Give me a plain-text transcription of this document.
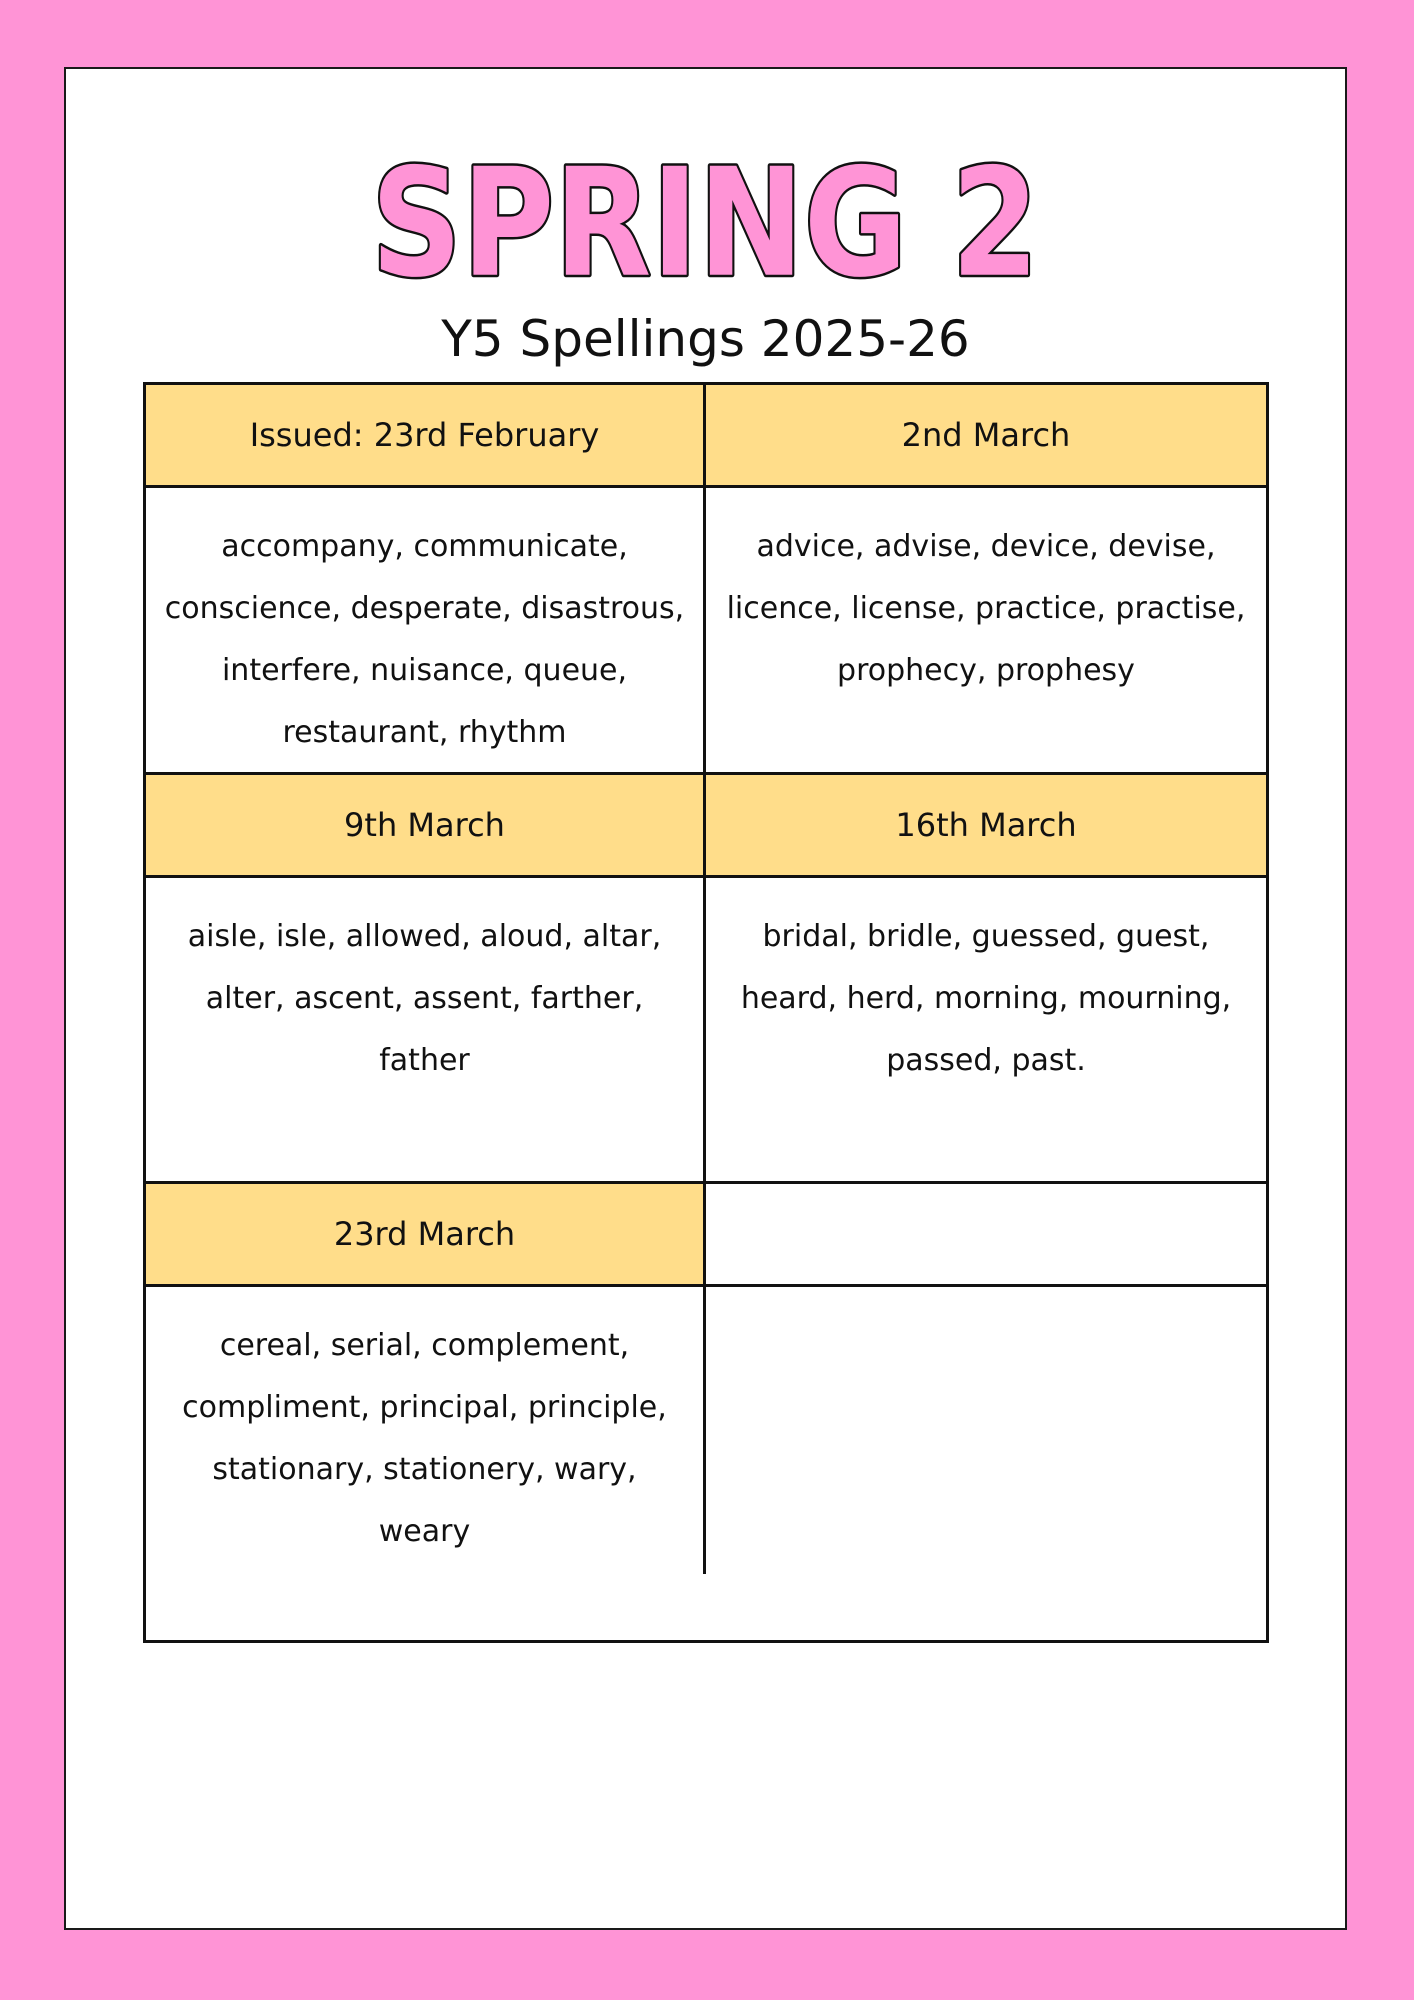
SPRING 2
Y5 Spellings 2025-26
Issued: 23rd February	2nd March
accompany, communicate, conscience, desperate, disastrous, interfere, nuisance, queue, restaurant, rhythm
advice, advise, device, devise, licence, license, practice, practise, prophecy, prophesy
9th March	16th March
aisle, isle, allowed, aloud, altar, alter, ascent, assent, farther, father
bridal, bridle, guessed, guest, heard, herd, morning, mourning, passed, past.
23rd March
cereal, serial, complement, compliment, principal, principle, stationary, stationery, wary, weary
